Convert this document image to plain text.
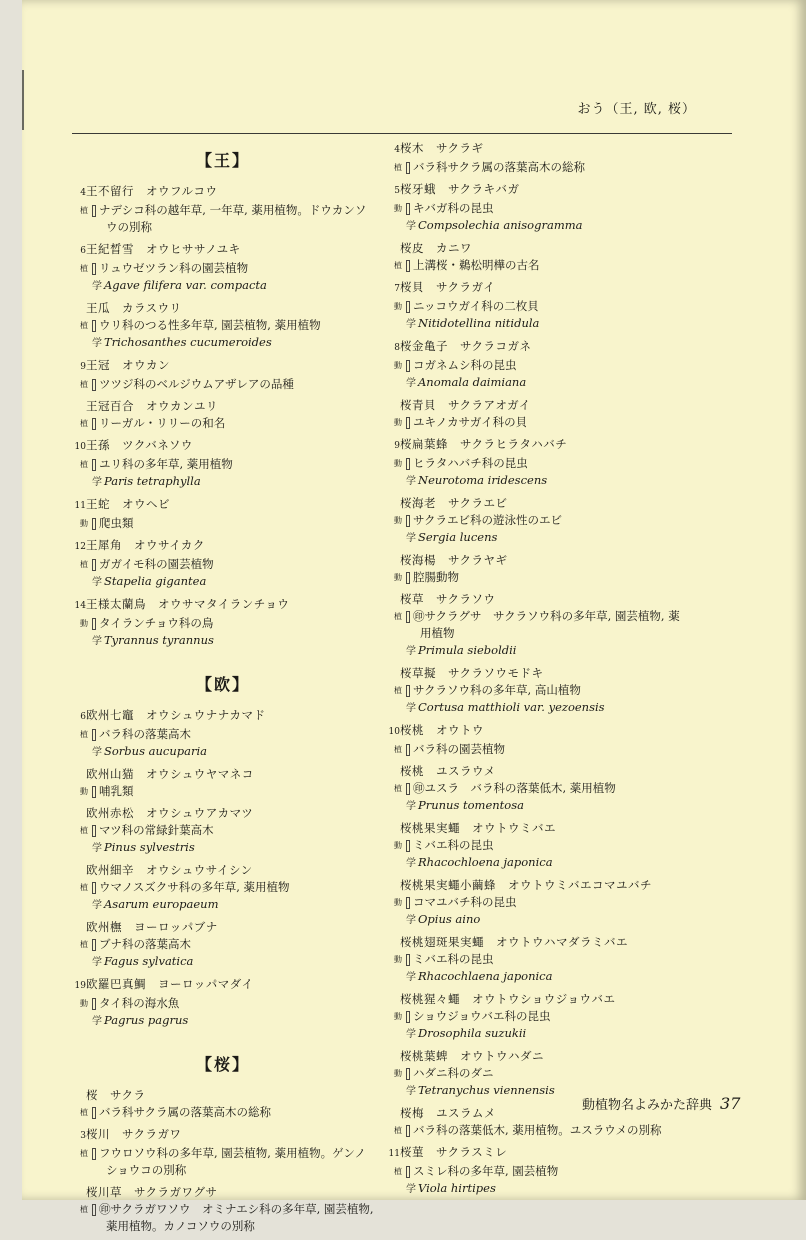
おう（王, 欧, 桜）
【王】
4 王不留行 オウフルコウ
植 ナデシコ科の越年草, 一年草, 薬用植物。ドウカンソウの別称
6 王紀晳雪 オウヒササノユキ
植 リュウゼツラン科の園芸植物
学 Agave filifera var. compacta
王瓜 カラスウリ
植 ウリ科のつる性多年草, 園芸植物, 薬用植物
学 Trichosanthes cucumeroides
9 王冠 オウカン
植 ツツジ科のベルジウムアザレアの品種
王冠百合 オウカンユリ
植 リーガル・リリーの和名
10 王孫 ツクバネソウ
植 ユリ科の多年草, 薬用植物
学 Paris tetraphylla
11 王蛇 オウヘビ
動 爬虫類
12 王犀角 オウサイカク
植 ガガイモ科の園芸植物
学 Stapelia gigantea
14 王様太蘭鳥 オウサマタイランチョウ
動 タイランチョウ科の鳥
学 Tyrannus tyrannus
【欧】
6 欧州七竈 オウシュウナナカマド
植 バラ科の落葉高木
学 Sorbus aucuparia
欧州山猫 オウシュウヤマネコ
動 哺乳類
欧州赤松 オウシュウアカマツ
植 マツ科の常緑針葉高木
学 Pinus sylvestris
欧州細辛 オウシュウサイシン
植 ウマノスズクサ科の多年草, 薬用植物
学 Asarum europaeum
欧州橅 ヨーロッパブナ
植 ブナ科の落葉高木
学 Fagus sylvatica
19 欧羅巴真鯛 ヨーロッパマダイ
動 タイ科の海水魚
学 Pagrus pagrus
【桜】
桜 サクラ
植 バラ科サクラ属の落葉高木の総称
3 桜川 サクラガワ
植 フウロソウ科の多年草, 園芸植物, 薬用植物。ゲンノショウコの別称
桜川草 サクラガワグサ
植 ㊞サクラガワソウ　オミナエシ科の多年草, 園芸植物, 薬用植物。カノコソウの別称
4 桜木 サクラギ
植 バラ科サクラ属の落葉高木の総称
5 桜牙蛾 サクラキバガ
動 キバガ科の昆虫
学 Compsolechia anisogramma
桜皮 カニワ
植 上溝桜・鵜松明樺の古名
7 桜貝 サクラガイ
動 ニッコウガイ科の二枚貝
学 Nitidotellina nitidula
8 桜金亀子 サクラコガネ
動 コガネムシ科の昆虫
学 Anomala daimiana
桜青貝 サクラアオガイ
動 ユキノカサガイ科の貝
9 桜扁葉蜂 サクラヒラタハバチ
動 ヒラタハバチ科の昆虫
学 Neurotoma iridescens
桜海老 サクラエビ
動 サクラエビ科の遊泳性のエビ
学 Sergia lucens
桜海楊 サクラヤギ
動 腔腸動物
桜草 サクラソウ
植 ㊞サクラグサ　サクラソウ科の多年草, 園芸植物, 薬用植物
学 Primula sieboldii
桜草擬 サクラソウモドキ
植 サクラソウ科の多年草, 高山植物
学 Cortusa matthioli var. yezoensis
10 桜桃 オウトウ
植 バラ科の園芸植物
桜桃 ユスラウメ
植 ㊞ユスラ　バラ科の落葉低木, 薬用植物
学 Prunus tomentosa
桜桃果実蠅 オウトウミバエ
動 ミバエ科の昆虫
学 Rhacochloena japonica
桜桃果実蠅小繭蜂 オウトウミバエコマユバチ
動 コマユバチ科の昆虫
学 Opius aino
桜桃翅斑果実蠅 オウトウハマダラミバエ
動 ミバエ科の昆虫
学 Rhacochlaena japonica
桜桃猩々蠅 オウトウショウジョウバエ
動 ショウジョウバエ科の昆虫
学 Drosophila suzukii
桜桃葉蜱 オウトウハダニ
動 ハダニ科のダニ
学 Tetranychus viennensis
桜梅 ユスラムメ
植 バラ科の落葉低木, 薬用植物。ユスラウメの別称
11 桜菫 サクラスミレ
植 スミレ科の多年草, 園芸植物
学 Viola hirtipes
動植物名よみかた辞典 37
